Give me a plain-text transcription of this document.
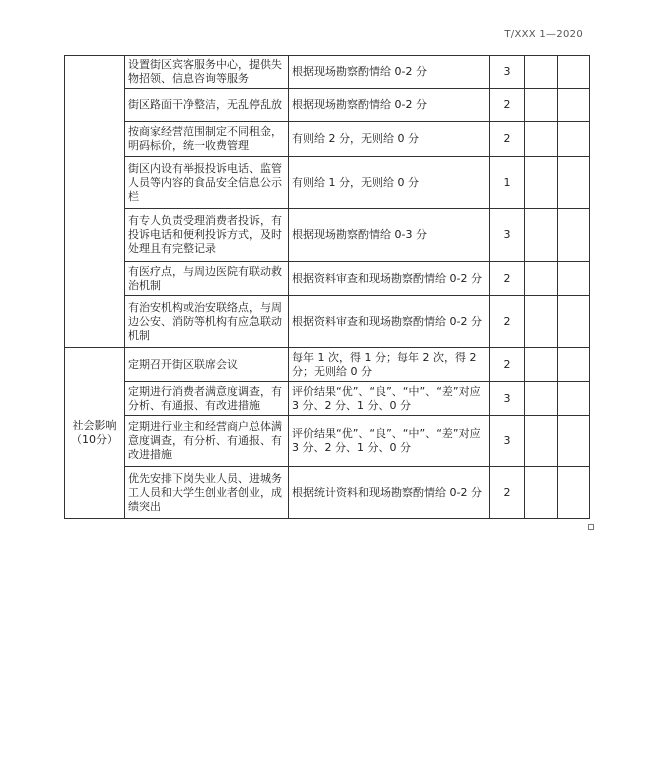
T/XXX 1—2020
	设置街区宾客服务中心，提供失物招领、信息咨询等服务	根据现场勘察酌情给 0-2 分	3		
	街区路面干净整洁，无乱停乱放	根据现场勘察酌情给 0-2 分	2		
	按商家经营范围制定不同租金，明码标价，统一收费管理	有则给 2 分，无则给 0 分	2		
	街区内设有举报投诉电话、监管人员等内容的食品安全信息公示栏	有则给 1 分，无则给 0 分	1		
	有专人负责受理消费者投诉，有投诉电话和便利投诉方式，及时处理且有完整记录	根据现场勘察酌情给 0-3 分	3		
	有医疗点，与周边医院有联动救治机制	根据资料审查和现场勘察酌情给 0-2 分	2		
	有治安机构或治安联络点，与周边公安、消防等机构有应急联动机制	根据资料审查和现场勘察酌情给 0-2 分	2		
社会影响（10分）	定期召开街区联席会议	每年 1 次，得 1 分；每年 2 次，得 2 分；无则给 0 分	2		
	定期进行消费者满意度调查，有分析、有通报、有改进措施	评价结果“优”、“良”、“中”、“差”对应 3 分、2 分、1 分、0 分	3		
	定期进行业主和经营商户总体满意度调查，有分析、有通报、有改进措施	评价结果“优”、“良”、“中”、“差”对应 3 分、2 分、1 分、0 分	3		
	优先安排下岗失业人员、进城务工人员和大学生创业者创业，成绩突出	根据统计资料和现场勘察酌情给 0-2 分	2		
